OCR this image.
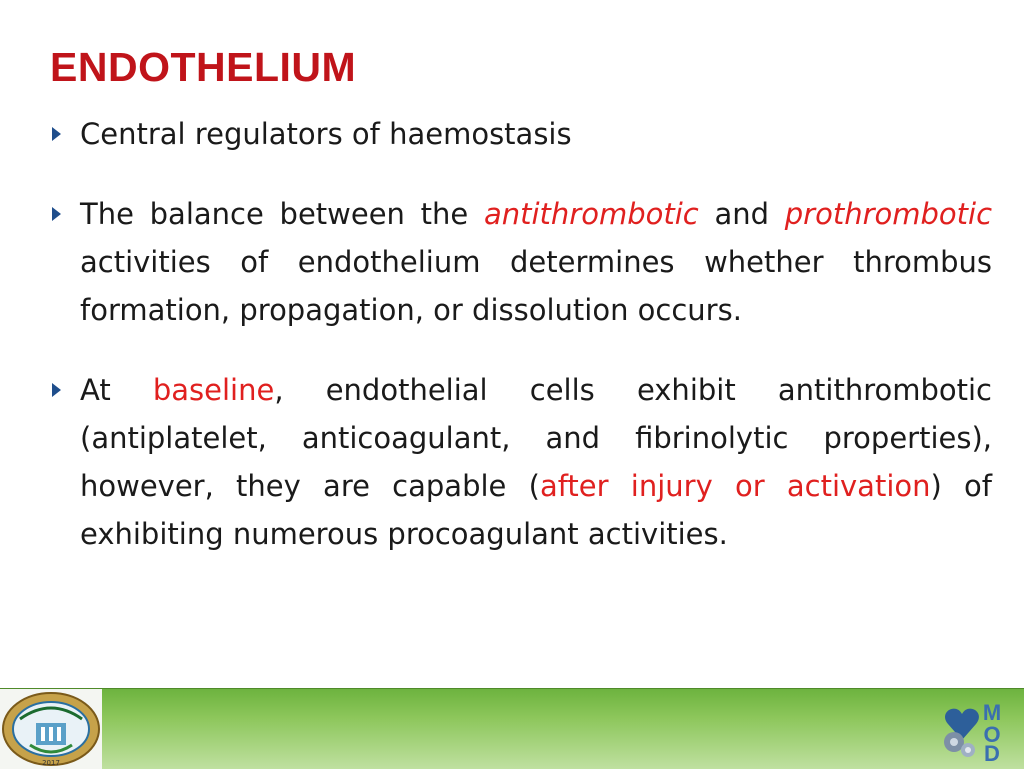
ENDOTHELIUM
Central regulators of haemostasis
The balance between the antithrombotic and prothrombotic activities of endothelium determines whether thrombus formation, propagation, or dissolution occurs.
At baseline, endothelial cells exhibit antithrombotic (antiplatelet, anticoagulant, and fibrinolytic properties), however, they are capable (after injury or activation) of exhibiting numerous procoagulant activities.
2017
M
O
D
